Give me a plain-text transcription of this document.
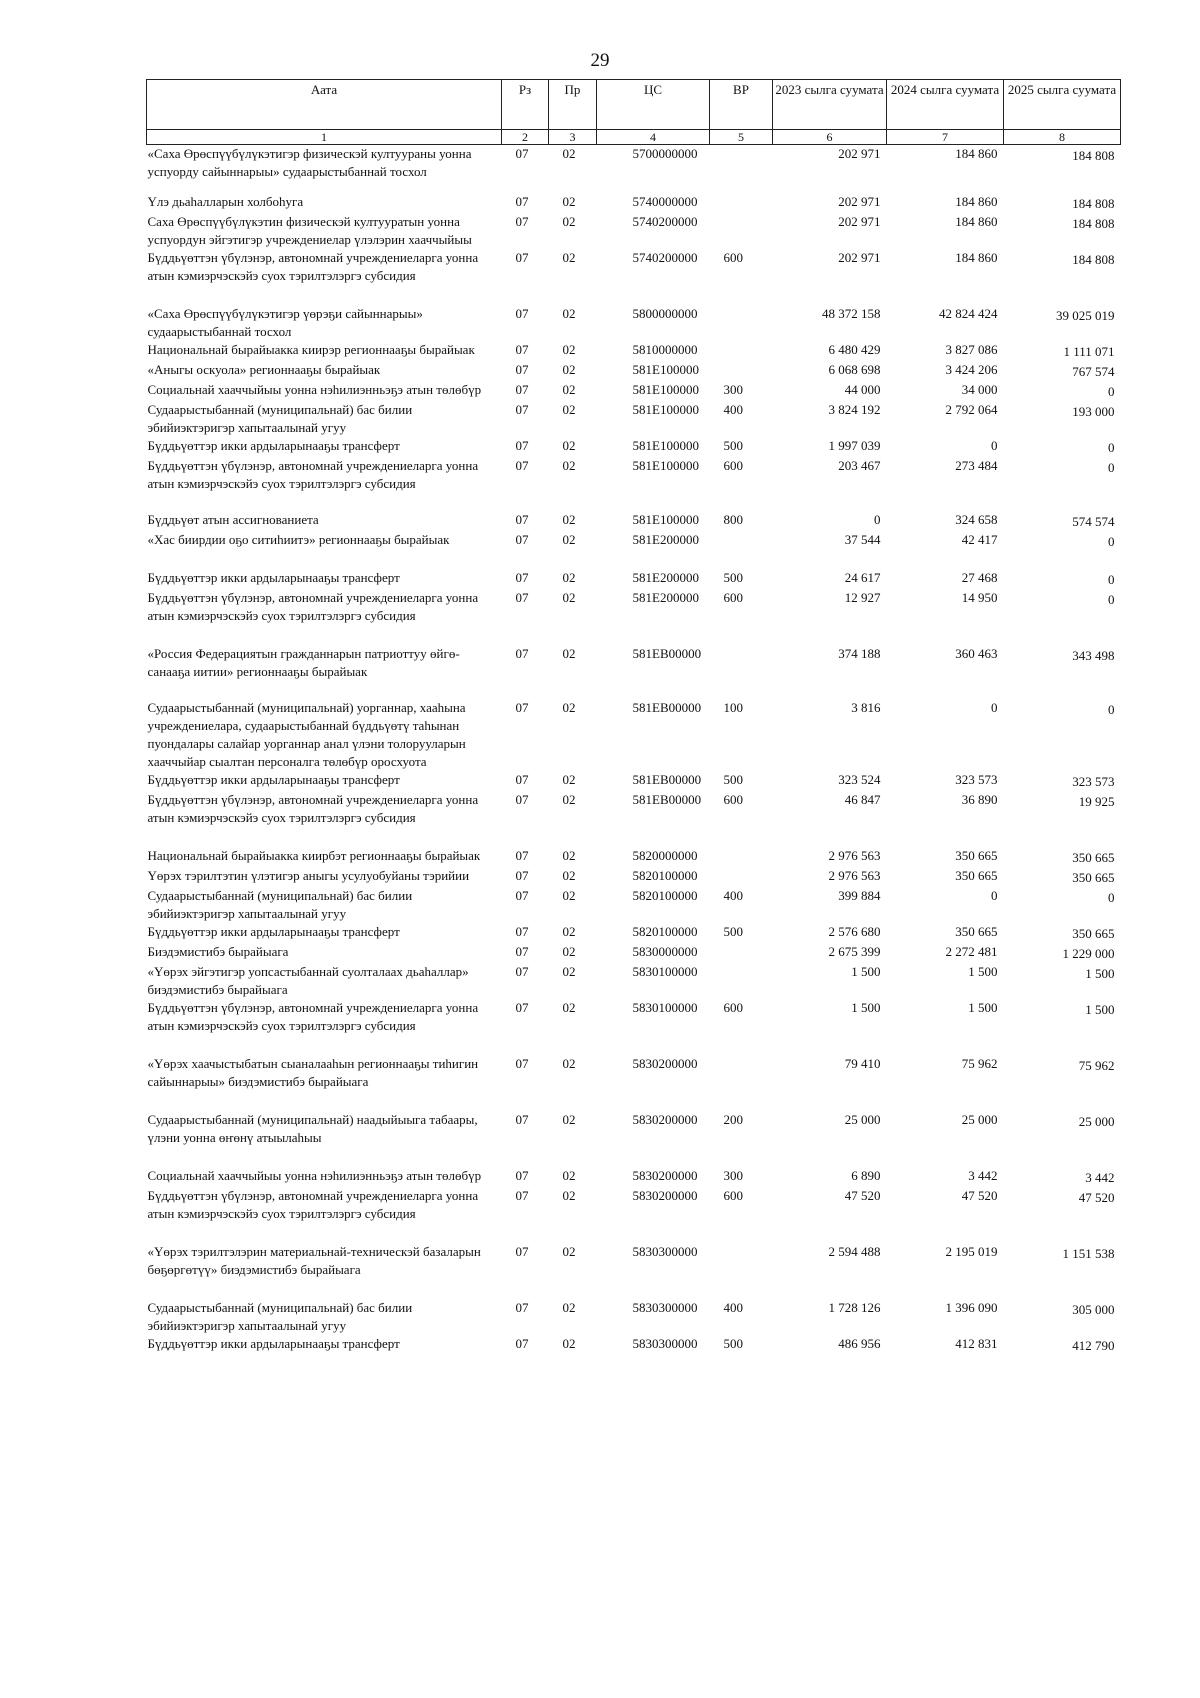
29
Аата	Рз	Пр	ЦС	ВР	2023 сылга суумата	2024 сылга суумата	2025 сылга суумата
1	2	3	4	5	6	7	8
«Саха Өрөспүүбүлүкэтигэр физическэй култуураны уонна успуорду сайыннарыы» судаарыстыбаннай тосхол	07	02	5700000000		202 971	184 860	184 808
Үлэ дьаһалларын холбоһуга	07	02	5740000000		202 971	184 860	184 808
Саха Өрөспүүбүлүкэтин физическэй култууратын уонна успуордун эйгэтигэр учреждениелар үлэлэрин хааччыйыы	07	02	5740200000		202 971	184 860	184 808
Бүддьүөттэн үбүлэнэр, автономнай учреждениеларга уонна атын кэмиэрчэскэйэ суох тэрилтэлэргэ субсидия	07	02	5740200000	600	202 971	184 860	184 808
«Саха Өрөспүүбүлүкэтигэр үөрэҕи сайыннарыы» судаарыстыбаннай тосхол	07	02	5800000000		48 372 158	42 824 424	39 025 019
Национальнай бырайыакка киирэр регионнааҕы бырайыак	07	02	5810000000		6 480 429	3 827 086	1 111 071
«Аныгы оскуола» регионнааҕы бырайыак	07	02	581E100000		6 068 698	3 424 206	767 574
Социальнай хааччыйыы уонна нэһилиэнньэҕэ атын төлөбүр	07	02	581E100000	300	44 000	34 000	0
Судаарыстыбаннай (муниципальнай) бас билии эбийиэктэригэр хапытаалынай угуу	07	02	581E100000	400	3 824 192	2 792 064	193 000
Бүддьүөттэр икки ардыларынааҕы трансферт	07	02	581E100000	500	1 997 039	0	0
Бүддьүөттэн үбүлэнэр, автономнай учреждениеларга уонна атын кэмиэрчэскэйэ суох тэрилтэлэргэ субсидия	07	02	581E100000	600	203 467	273 484	0
Бүддьүөт атын ассигнованиета	07	02	581E100000	800	0	324 658	574 574
«Хас биирдии оҕо ситиһиитэ» регионнааҕы бырайыак	07	02	581E200000		37 544	42 417	0
Бүддьүөттэр икки ардыларынааҕы трансферт	07	02	581E200000	500	24 617	27 468	0
Бүддьүөттэн үбүлэнэр, автономнай учреждениеларга уонна атын кэмиэрчэскэйэ суох тэрилтэлэргэ субсидия	07	02	581E200000	600	12 927	14 950	0
«Россия Федерациятын гражданнарын патриоттуу өйгө-санааҕа иитии» регионнааҕы бырайыак	07	02	581EB00000		374 188	360 463	343 498
Судаарыстыбаннай (муниципальнай) уорганнар, хааһына учреждениелара, судаарыстыбаннай бүддьүөтү таһынан пуондалары салайар уорганнар анал үлэни толорууларын хааччыйар сыалтан персоналга төлөбүр оросхуота	07	02	581EB00000	100	3 816	0	0
Бүддьүөттэр икки ардыларынааҕы трансферт	07	02	581EB00000	500	323 524	323 573	323 573
Бүддьүөттэн үбүлэнэр, автономнай учреждениеларга уонна атын кэмиэрчэскэйэ суох тэрилтэлэргэ субсидия	07	02	581EB00000	600	46 847	36 890	19 925
Национальнай бырайыакка киирбэт регионнааҕы бырайыак	07	02	5820000000		2 976 563	350 665	350 665
Үөрэх тэрилтэтин үлэтигэр аныгы усулуобуйаны тэрийии	07	02	5820100000		2 976 563	350 665	350 665
Судаарыстыбаннай (муниципальнай) бас билии эбийиэктэригэр хапытаалынай угуу	07	02	5820100000	400	399 884	0	0
Бүддьүөттэр икки ардыларынааҕы трансферт	07	02	5820100000	500	2 576 680	350 665	350 665
Биэдэмистибэ бырайыага	07	02	5830000000		2 675 399	2 272 481	1 229 000
«Үөрэх эйгэтигэр уопсастыбаннай суолталаах дьаһаллар» биэдэмистибэ бырайыага	07	02	5830100000		1 500	1 500	1 500
Бүддьүөттэн үбүлэнэр, автономнай учреждениеларга уонна атын кэмиэрчэскэйэ суох тэрилтэлэргэ субсидия	07	02	5830100000	600	1 500	1 500	1 500
«Үөрэх хаачыстыбатын сыаналааһын регионнааҕы тиһигин сайыннарыы» биэдэмистибэ бырайыага	07	02	5830200000		79 410	75 962	75 962
Судаарыстыбаннай (муниципальнай) наадыйыыга табаары, үлэни уонна өҥөнү атыылаһыы	07	02	5830200000	200	25 000	25 000	25 000
Социальнай хааччыйыы уонна нэһилиэнньэҕэ атын төлөбүр	07	02	5830200000	300	6 890	3 442	3 442
Бүддьүөттэн үбүлэнэр, автономнай учреждениеларга уонна атын кэмиэрчэскэйэ суох тэрилтэлэргэ субсидия	07	02	5830200000	600	47 520	47 520	47 520
«Үөрэх тэрилтэлэрин материальнай-техническэй базаларын бөҕөргөтүү» биэдэмистибэ бырайыага	07	02	5830300000		2 594 488	2 195 019	1 151 538
Судаарыстыбаннай (муниципальнай) бас билии эбийиэктэригэр хапытаалынай угуу	07	02	5830300000	400	1 728 126	1 396 090	305 000
Бүддьүөттэр икки ардыларынааҕы трансферт	07	02	5830300000	500	486 956	412 831	412 790
